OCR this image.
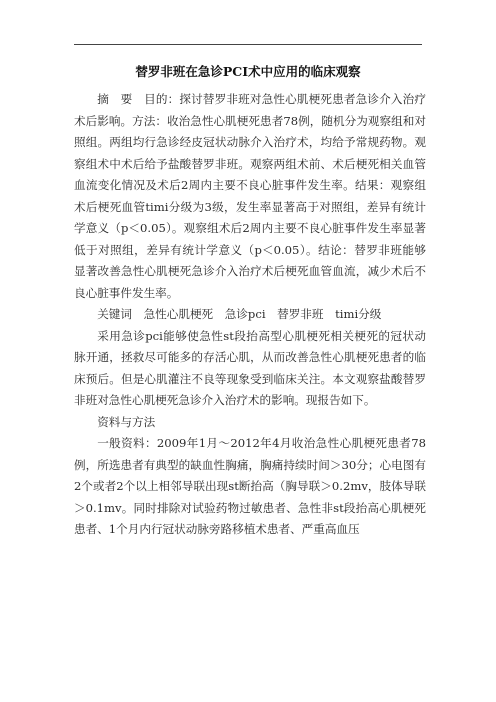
替罗非班在急诊PCI术中应用的临床观察

摘　要　目的：探讨替罗非班对急性心肌梗死患者急诊介入治疗术后影响。方法：收治急性心肌梗死患者78例，随机分为观察组和对照组。两组均行急诊经皮冠状动脉介入治疗术，均给予常规药物。观察组术中术后给予盐酸替罗非班。观察两组术前、术后梗死相关血管血流变化情况及术后2周内主要不良心脏事件发生率。结果：观察组术后梗死血管timi分级为3级，发生率显著高于对照组，差异有统计学意义（p＜0.05）。观察组术后2周内主要不良心脏事件发生率显著低于对照组，差异有统计学意义（p＜0.05）。结论：替罗非班能够显著改善急性心肌梗死急诊介入治疗术后梗死血管血流，减少术后不良心脏事件发生率。

关键词　急性心肌梗死　急诊pci　替罗非班　timi分级

采用急诊pci能够使急性st段抬高型心肌梗死相关梗死的冠状动脉开通，拯救尽可能多的存活心肌，从而改善急性心肌梗死患者的临床预后。但是心肌灌注不良等现象受到临床关注。本文观察盐酸替罗非班对急性心肌梗死急诊介入治疗术的影响。现报告如下。

资料与方法

一般资料：2009年1月～2012年4月收治急性心肌梗死患者78例，所选患者有典型的缺血性胸痛，胸痛持续时间＞30分；心电图有2个或者2个以上相邻导联出现st断抬高（胸导联＞0.2mv，肢体导联＞0.1mv。同时排除对试验药物过敏患者、急性非st段抬高心肌梗死患者、1个月内行冠状动脉旁路移植术患者、严重高血压
